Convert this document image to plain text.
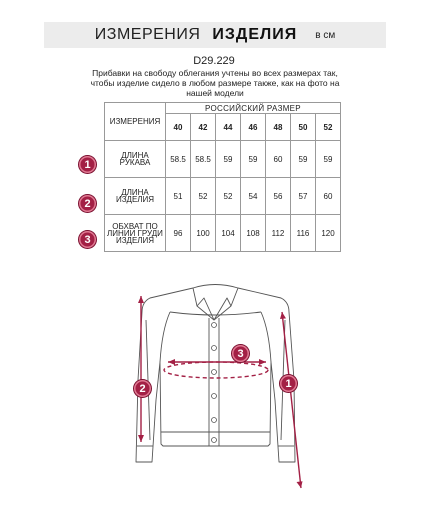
ИЗМЕРЕНИЯ ИЗДЕЛИЯ в см
D29.229
Прибавки на свободу облегания учтены во всех размерах так, чтобы изделие сидело в любом размере также, как на фото на нашей модели
ИЗМЕРЕНИЯ	РОССИЙСКИЙ РАЗМЕР						
	40	42	44	46	48	50	52
ДЛИНА РУКАВА	58.5	58.5	59	59	60	59	59
ДЛИНА ИЗДЕЛИЯ	51	52	52	54	56	57	60
ОБХВАТ ПО ЛИНИИ ГРУДИ ИЗДЕЛИЯ	96	100	104	108	112	116	120
1
2
3
3
2	1
